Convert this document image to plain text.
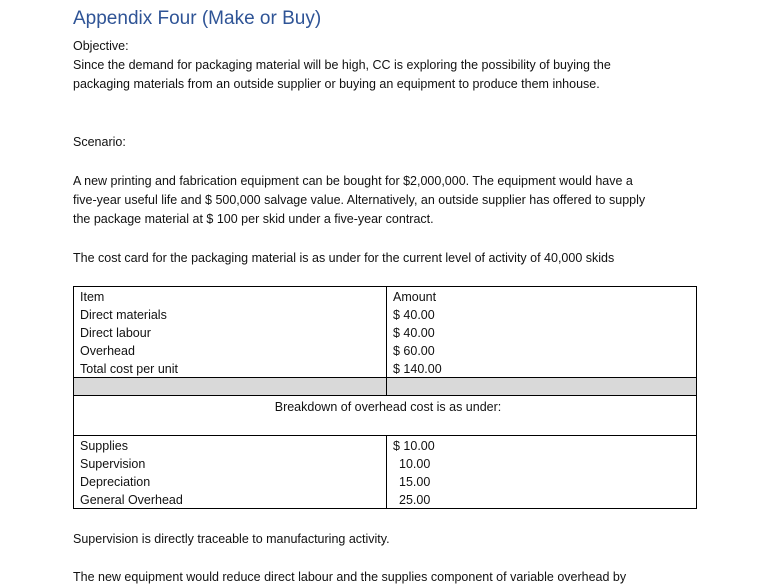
Appendix Four (Make or Buy)
Objective:
Since the demand for packaging material will be high, CC is exploring the possibility of buying the
packaging materials from an outside supplier or buying an equipment to produce them inhouse.
Scenario:
A new printing and fabrication equipment can be bought for $2,000,000. The equipment would have a
five-year useful life and $ 500,000 salvage value. Alternatively, an outside supplier has offered to supply
the package material at $ 100 per skid under a five-year contract.
The cost card for the packaging material is as under for the current level of activity of 40,000 skids
Item	Amount
Direct materials	$ 40.00
Direct labour	$ 40.00
Overhead	$ 60.00
Total cost per unit	$ 140.00

Breakdown of overhead cost is as under:	
Supplies	$ 10.00
Supervision	10.00
Depreciation	15.00
General Overhead	25.00
Supervision is directly traceable to manufacturing activity.
The new equipment would reduce direct labour and the supplies component of variable overhead by
